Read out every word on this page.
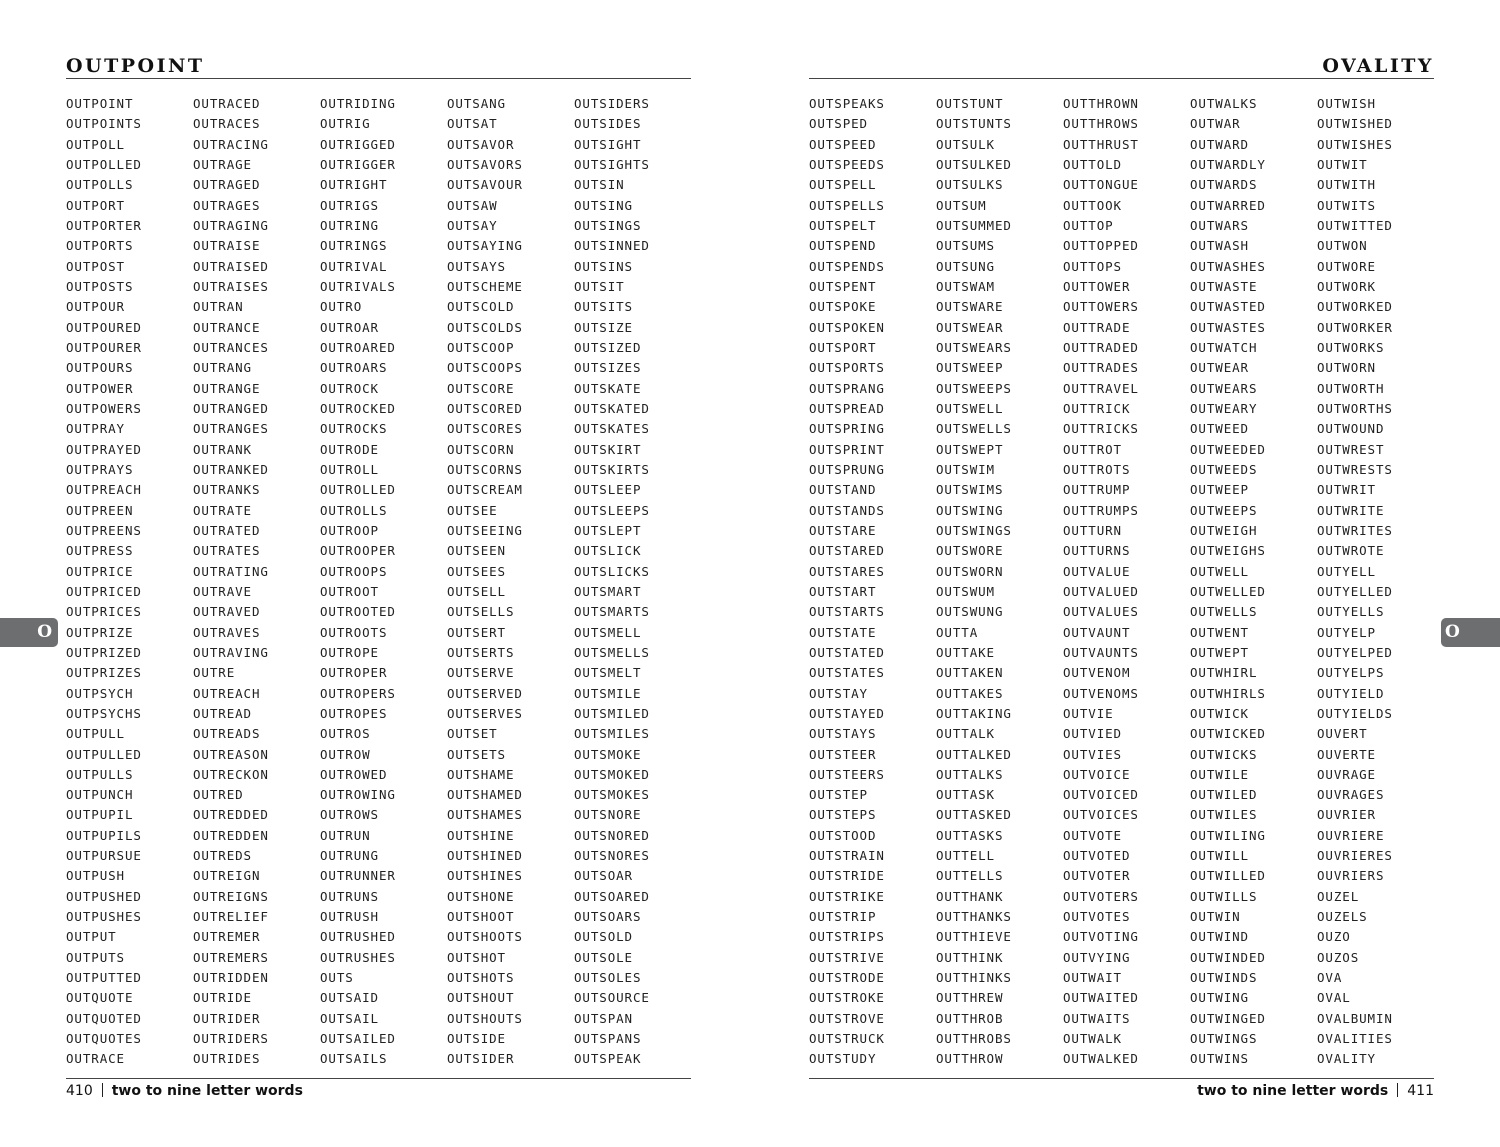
O	O
OUTPOINT
OUTPOINT
OUTPOINTS
OUTPOLL
OUTPOLLED
OUTPOLLS
OUTPORT
OUTPORTER
OUTPORTS
OUTPOST
OUTPOSTS
OUTPOUR
OUTPOURED
OUTPOURER
OUTPOURS
OUTPOWER
OUTPOWERS
OUTPRAY
OUTPRAYED
OUTPRAYS
OUTPREACH
OUTPREEN
OUTPREENS
OUTPRESS
OUTPRICE
OUTPRICED
OUTPRICES
OUTPRIZE
OUTPRIZED
OUTPRIZES
OUTPSYCH
OUTPSYCHS
OUTPULL
OUTPULLED
OUTPULLS
OUTPUNCH
OUTPUPIL
OUTPUPILS
OUTPURSUE
OUTPUSH
OUTPUSHED
OUTPUSHES
OUTPUT
OUTPUTS
OUTPUTTED
OUTQUOTE
OUTQUOTED
OUTQUOTES
OUTRACE
OUTRACED
OUTRACES
OUTRACING
OUTRAGE
OUTRAGED
OUTRAGES
OUTRAGING
OUTRAISE
OUTRAISED
OUTRAISES
OUTRAN
OUTRANCE
OUTRANCES
OUTRANG
OUTRANGE
OUTRANGED
OUTRANGES
OUTRANK
OUTRANKED
OUTRANKS
OUTRATE
OUTRATED
OUTRATES
OUTRATING
OUTRAVE
OUTRAVED
OUTRAVES
OUTRAVING
OUTRE
OUTREACH
OUTREAD
OUTREADS
OUTREASON
OUTRECKON
OUTRED
OUTREDDED
OUTREDDEN
OUTREDS
OUTREIGN
OUTREIGNS
OUTRELIEF
OUTREMER
OUTREMERS
OUTRIDDEN
OUTRIDE
OUTRIDER
OUTRIDERS
OUTRIDES
OUTRIDING
OUTRIG
OUTRIGGED
OUTRIGGER
OUTRIGHT
OUTRIGS
OUTRING
OUTRINGS
OUTRIVAL
OUTRIVALS
OUTRO
OUTROAR
OUTROARED
OUTROARS
OUTROCK
OUTROCKED
OUTROCKS
OUTRODE
OUTROLL
OUTROLLED
OUTROLLS
OUTROOP
OUTROOPER
OUTROOPS
OUTROOT
OUTROOTED
OUTROOTS
OUTROPE
OUTROPER
OUTROPERS
OUTROPES
OUTROS
OUTROW
OUTROWED
OUTROWING
OUTROWS
OUTRUN
OUTRUNG
OUTRUNNER
OUTRUNS
OUTRUSH
OUTRUSHED
OUTRUSHES
OUTS
OUTSAID
OUTSAIL
OUTSAILED
OUTSAILS
OUTSANG
OUTSAT
OUTSAVOR
OUTSAVORS
OUTSAVOUR
OUTSAW
OUTSAY
OUTSAYING
OUTSAYS
OUTSCHEME
OUTSCOLD
OUTSCOLDS
OUTSCOOP
OUTSCOOPS
OUTSCORE
OUTSCORED
OUTSCORES
OUTSCORN
OUTSCORNS
OUTSCREAM
OUTSEE
OUTSEEING
OUTSEEN
OUTSEES
OUTSELL
OUTSELLS
OUTSERT
OUTSERTS
OUTSERVE
OUTSERVED
OUTSERVES
OUTSET
OUTSETS
OUTSHAME
OUTSHAMED
OUTSHAMES
OUTSHINE
OUTSHINED
OUTSHINES
OUTSHONE
OUTSHOOT
OUTSHOOTS
OUTSHOT
OUTSHOTS
OUTSHOUT
OUTSHOUTS
OUTSIDE
OUTSIDER
OUTSIDERS
OUTSIDES
OUTSIGHT
OUTSIGHTS
OUTSIN
OUTSING
OUTSINGS
OUTSINNED
OUTSINS
OUTSIT
OUTSITS
OUTSIZE
OUTSIZED
OUTSIZES
OUTSKATE
OUTSKATED
OUTSKATES
OUTSKIRT
OUTSKIRTS
OUTSLEEP
OUTSLEEPS
OUTSLEPT
OUTSLICK
OUTSLICKS
OUTSMART
OUTSMARTS
OUTSMELL
OUTSMELLS
OUTSMELT
OUTSMILE
OUTSMILED
OUTSMILES
OUTSMOKE
OUTSMOKED
OUTSMOKES
OUTSNORE
OUTSNORED
OUTSNORES
OUTSOAR
OUTSOARED
OUTSOARS
OUTSOLD
OUTSOLE
OUTSOLES
OUTSOURCE
OUTSPAN
OUTSPANS
OUTSPEAK
410 two to nine letter words
OVALITY
OUTSPEAKS
OUTSPED
OUTSPEED
OUTSPEEDS
OUTSPELL
OUTSPELLS
OUTSPELT
OUTSPEND
OUTSPENDS
OUTSPENT
OUTSPOKE
OUTSPOKEN
OUTSPORT
OUTSPORTS
OUTSPRANG
OUTSPREAD
OUTSPRING
OUTSPRINT
OUTSPRUNG
OUTSTAND
OUTSTANDS
OUTSTARE
OUTSTARED
OUTSTARES
OUTSTART
OUTSTARTS
OUTSTATE
OUTSTATED
OUTSTATES
OUTSTAY
OUTSTAYED
OUTSTAYS
OUTSTEER
OUTSTEERS
OUTSTEP
OUTSTEPS
OUTSTOOD
OUTSTRAIN
OUTSTRIDE
OUTSTRIKE
OUTSTRIP
OUTSTRIPS
OUTSTRIVE
OUTSTRODE
OUTSTROKE
OUTSTROVE
OUTSTRUCK
OUTSTUDY
OUTSTUNT
OUTSTUNTS
OUTSULK
OUTSULKED
OUTSULKS
OUTSUM
OUTSUMMED
OUTSUMS
OUTSUNG
OUTSWAM
OUTSWARE
OUTSWEAR
OUTSWEARS
OUTSWEEP
OUTSWEEPS
OUTSWELL
OUTSWELLS
OUTSWEPT
OUTSWIM
OUTSWIMS
OUTSWING
OUTSWINGS
OUTSWORE
OUTSWORN
OUTSWUM
OUTSWUNG
OUTTA
OUTTAKE
OUTTAKEN
OUTTAKES
OUTTAKING
OUTTALK
OUTTALKED
OUTTALKS
OUTTASK
OUTTASKED
OUTTASKS
OUTTELL
OUTTELLS
OUTTHANK
OUTTHANKS
OUTTHIEVE
OUTTHINK
OUTTHINKS
OUTTHREW
OUTTHROB
OUTTHROBS
OUTTHROW
OUTTHROWN
OUTTHROWS
OUTTHRUST
OUTTOLD
OUTTONGUE
OUTTOOK
OUTTOP
OUTTOPPED
OUTTOPS
OUTTOWER
OUTTOWERS
OUTTRADE
OUTTRADED
OUTTRADES
OUTTRAVEL
OUTTRICK
OUTTRICKS
OUTTROT
OUTTROTS
OUTTRUMP
OUTTRUMPS
OUTTURN
OUTTURNS
OUTVALUE
OUTVALUED
OUTVALUES
OUTVAUNT
OUTVAUNTS
OUTVENOM
OUTVENOMS
OUTVIE
OUTVIED
OUTVIES
OUTVOICE
OUTVOICED
OUTVOICES
OUTVOTE
OUTVOTED
OUTVOTER
OUTVOTERS
OUTVOTES
OUTVOTING
OUTVYING
OUTWAIT
OUTWAITED
OUTWAITS
OUTWALK
OUTWALKED
OUTWALKS
OUTWAR
OUTWARD
OUTWARDLY
OUTWARDS
OUTWARRED
OUTWARS
OUTWASH
OUTWASHES
OUTWASTE
OUTWASTED
OUTWASTES
OUTWATCH
OUTWEAR
OUTWEARS
OUTWEARY
OUTWEED
OUTWEEDED
OUTWEEDS
OUTWEEP
OUTWEEPS
OUTWEIGH
OUTWEIGHS
OUTWELL
OUTWELLED
OUTWELLS
OUTWENT
OUTWEPT
OUTWHIRL
OUTWHIRLS
OUTWICK
OUTWICKED
OUTWICKS
OUTWILE
OUTWILED
OUTWILES
OUTWILING
OUTWILL
OUTWILLED
OUTWILLS
OUTWIN
OUTWIND
OUTWINDED
OUTWINDS
OUTWING
OUTWINGED
OUTWINGS
OUTWINS
OUTWISH
OUTWISHED
OUTWISHES
OUTWIT
OUTWITH
OUTWITS
OUTWITTED
OUTWON
OUTWORE
OUTWORK
OUTWORKED
OUTWORKER
OUTWORKS
OUTWORN
OUTWORTH
OUTWORTHS
OUTWOUND
OUTWREST
OUTWRESTS
OUTWRIT
OUTWRITE
OUTWRITES
OUTWROTE
OUTYELL
OUTYELLED
OUTYELLS
OUTYELP
OUTYELPED
OUTYELPS
OUTYIELD
OUTYIELDS
OUVERT
OUVERTE
OUVRAGE
OUVRAGES
OUVRIER
OUVRIERE
OUVRIERES
OUVRIERS
OUZEL
OUZELS
OUZO
OUZOS
OVA
OVAL
OVALBUMIN
OVALITIES
OVALITY
two to nine letter words 411
